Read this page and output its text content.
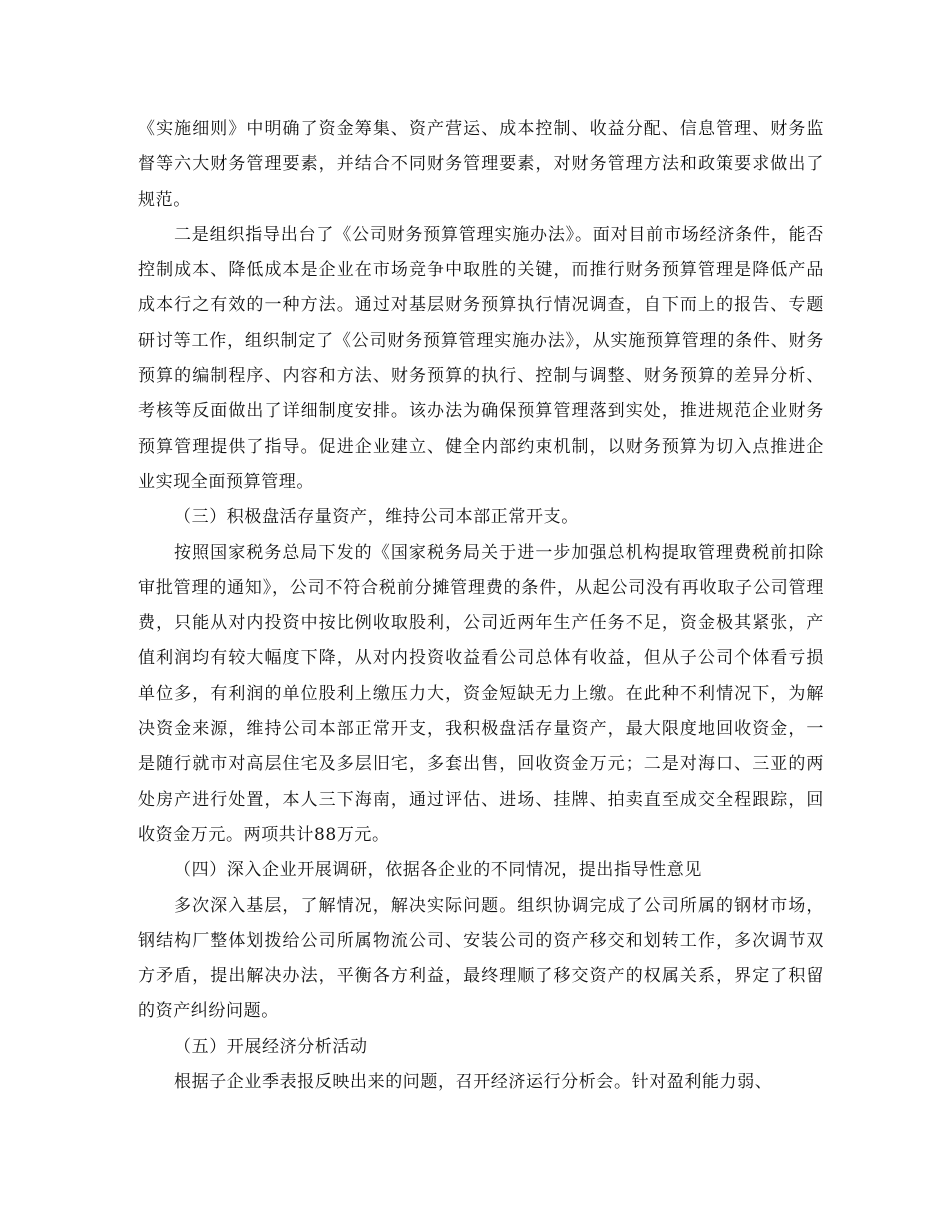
《实施细则》中明确了资金筹集、资产营运、成本控制、收益分配、信息管理、财务监督等六大财务管理要素，并结合不同财务管理要素，对财务管理方法和政策要求做出了规范。

二是组织指导出台了《公司财务预算管理实施办法》。面对目前市场经济条件，能否控制成本、降低成本是企业在市场竞争中取胜的关键，而推行财务预算管理是降低产品成本行之有效的一种方法。通过对基层财务预算执行情况调查，自下而上的报告、专题研讨等工作，组织制定了《公司财务预算管理实施办法》，从实施预算管理的条件、财务预算的编制程序、内容和方法、财务预算的执行、控制与调整、财务预算的差异分析、考核等反面做出了详细制度安排。该办法为确保预算管理落到实处，推进规范企业财务预算管理提供了指导。促进企业建立、健全内部约束机制，以财务预算为切入点推进企业实现全面预算管理。

（三）积极盘活存量资产，维持公司本部正常开支。

按照国家税务总局下发的《国家税务局关于进一步加强总机构提取管理费税前扣除审批管理的通知》，公司不符合税前分摊管理费的条件，从起公司没有再收取子公司管理费，只能从对内投资中按比例收取股利，公司近两年生产任务不足，资金极其紧张，产值利润均有较大幅度下降，从对内投资收益看公司总体有收益，但从子公司个体看亏损单位多，有利润的单位股利上缴压力大，资金短缺无力上缴。在此种不利情况下，为解决资金来源，维持公司本部正常开支，我积极盘活存量资产，最大限度地回收资金，一是随行就市对高层住宅及多层旧宅，多套出售，回收资金万元；二是对海口、三亚的两处房产进行处置，本人三下海南，通过评估、进场、挂牌、拍卖直至成交全程跟踪，回收资金万元。两项共计88万元。

（四）深入企业开展调研，依据各企业的不同情况，提出指导性意见

多次深入基层，了解情况，解决实际问题。组织协调完成了公司所属的钢材市场，钢结构厂整体划拨给公司所属物流公司、安装公司的资产移交和划转工作，多次调节双方矛盾，提出解决办法，平衡各方利益，最终理顺了移交资产的权属关系，界定了积留的资产纠纷问题。

（五）开展经济分析活动

根据子企业季表报反映出来的问题，召开经济运行分析会。针对盈利能力弱、
